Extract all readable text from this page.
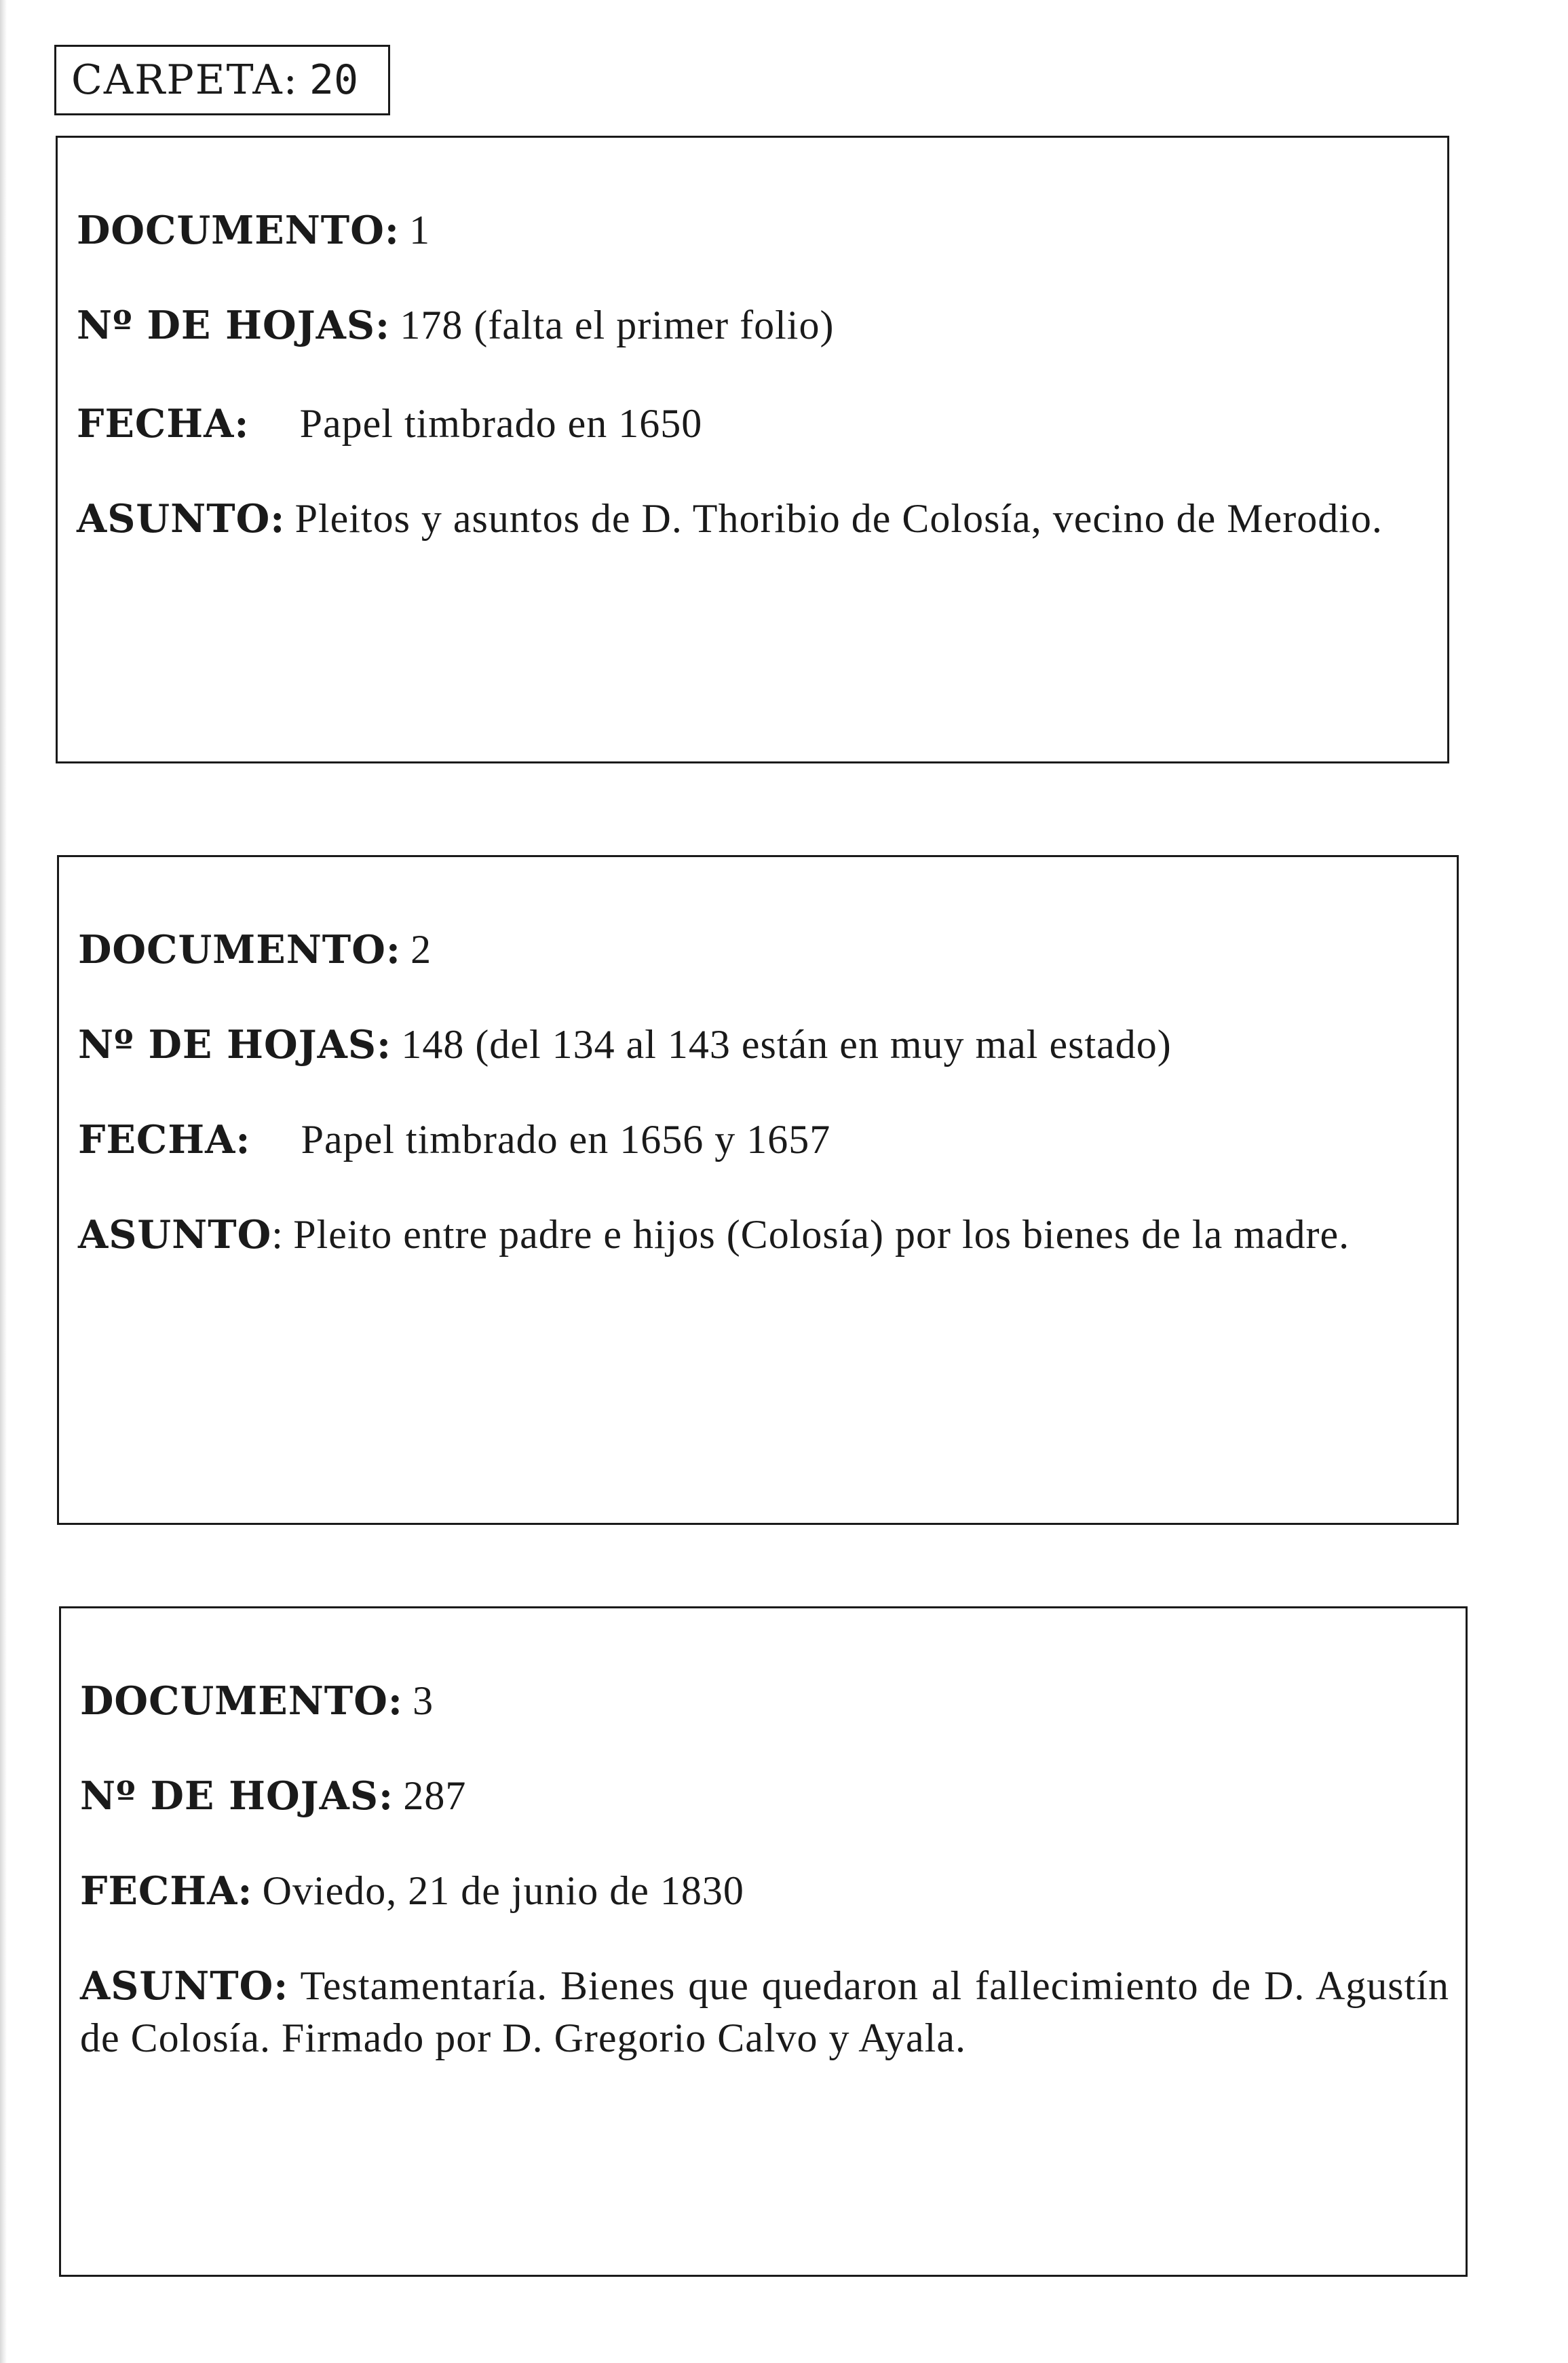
CARPETA: 20
DOCUMENTO: 1
Nº DE HOJAS: 178 (falta el primer folio)
FECHA: Papel timbrado en 1650
ASUNTO: Pleitos y asuntos de D. Thoribio de Colosía, vecino de Merodio.
DOCUMENTO: 2
Nº DE HOJAS: 148 (del 134 al 143 están en muy mal estado)
FECHA: Papel timbrado en 1656 y 1657
ASUNTO: Pleito entre padre e hijos (Colosía) por los bienes de la madre.
DOCUMENTO: 3
Nº DE HOJAS: 287
FECHA: Oviedo, 21 de junio de 1830
ASUNTO: Testamentaría. Bienes que quedaron al fallecimiento de D. Agustín de Colosía. Firmado por D. Gregorio Calvo y Ayala.
